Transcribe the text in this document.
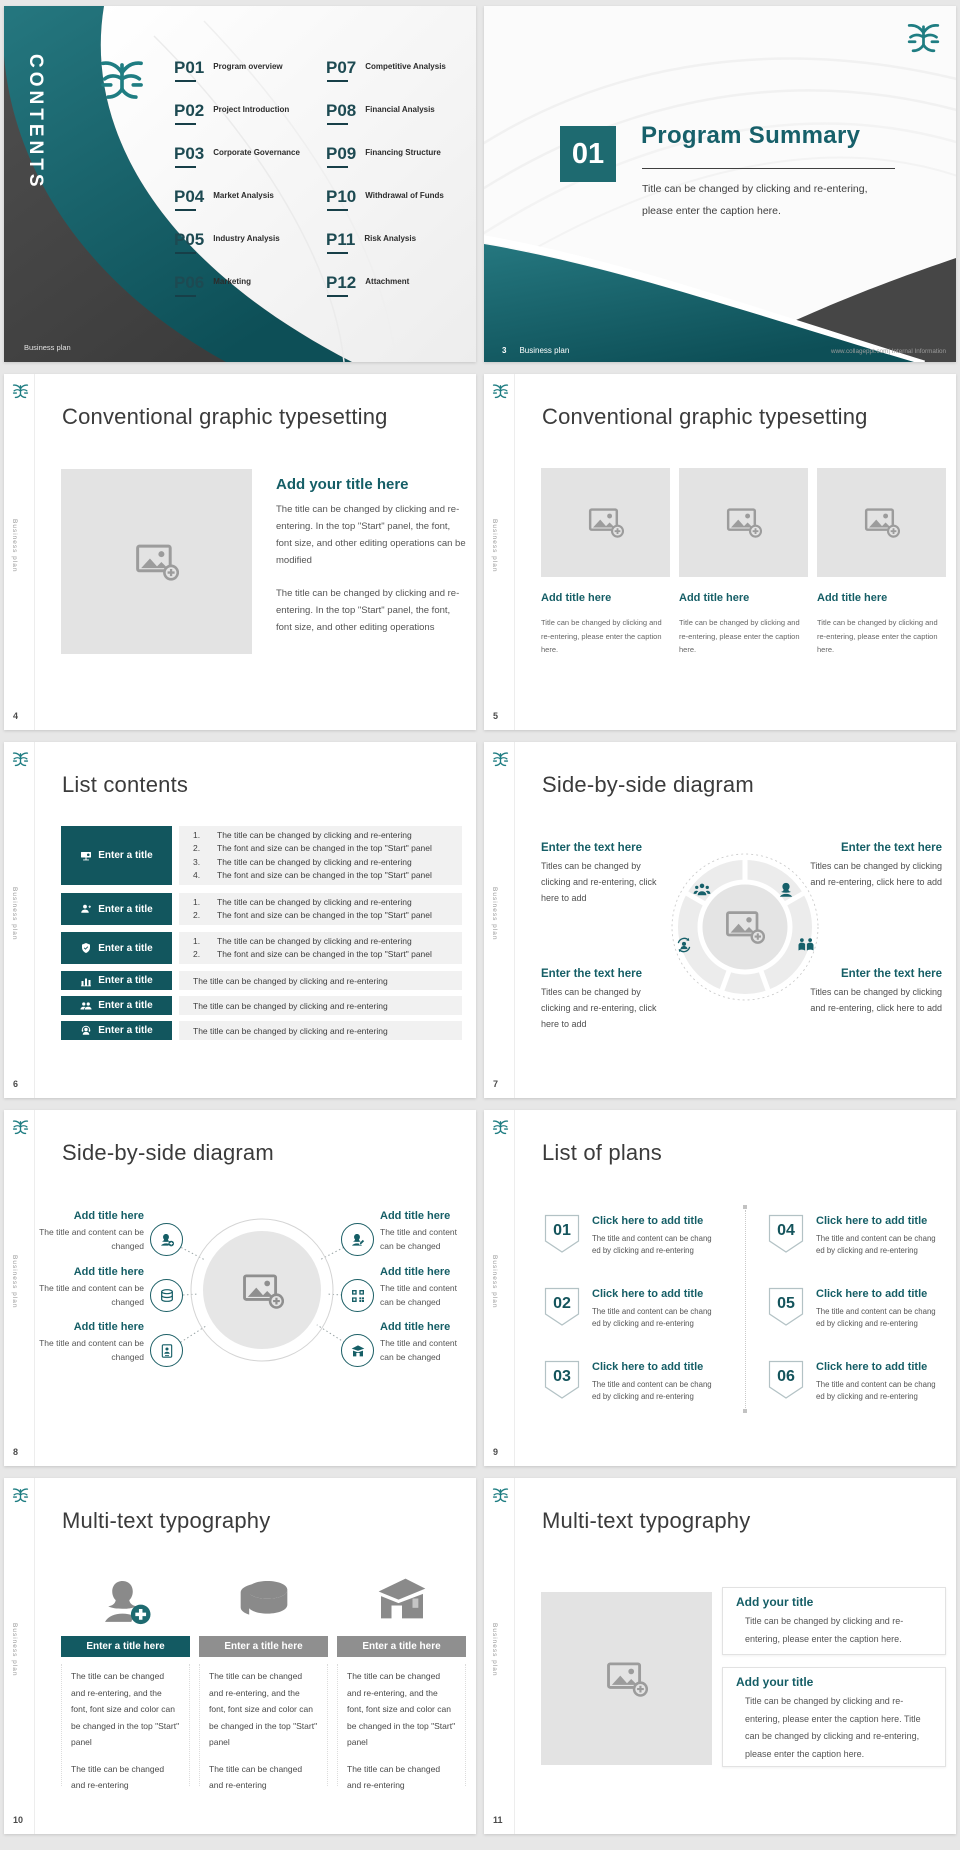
CONTENTS	P01 Program overview
P02 Project Introduction
P03 Corporate Governance
P04 Market Analysis
P05 Industry Analysis
P06 Marketing
P07 Competitive Analysis
P08 Financial Analysis
P09 Financing Structure
P10 Withdrawal of Funds
P11 Risk Analysis
P12 Attachment
Business plan
01
Program Summary
Title can be changed by clicking and re-entering,
please enter the caption here.
3 Business plan	www.collageppt.com| Internal Information
Business plan
4
Conventional graphic typesetting
Add your title here
The title can be changed by clicking and re-entering. In the top "Start" panel, the font, font size, and other editing operations can be modified
The title can be changed by clicking and re-entering. In the top "Start" panel, the font, font size, and other editing operations
Business plan
5
Conventional graphic typesetting
Add title here	Add title here	Add title here
Title can be changed by clicking and re-entering, please enter the caption here.
Title can be changed by clicking and re-entering, please enter the caption here.
Title can be changed by clicking and re-entering, please enter the caption here.
Business plan
6
List contents
Enter a title
1.	The title can be changed by clicking and re-entering
2.	The font and size can be changed in the top "Start" panel
3.	The title can be changed by clicking and re-entering
4.	The font and size can be changed in the top "Start" panel
Enter a title
1.	The title can be changed by clicking and re-entering
2.	The font and size can be changed in the top "Start" panel
Enter a title
1.	The title can be changed by clicking and re-entering
2.	The font and size can be changed in the top "Start" panel
Enter a title	The title can be changed by clicking and re-entering
Enter a title	The title can be changed by clicking and re-entering
Enter a title	The title can be changed by clicking and re-entering
Business plan
7
Side-by-side diagram
Enter the text here
Titles can be changed by clicking and re-entering, click here to add
Enter the text here
Titles can be changed by clicking and re-entering, click here to add
Enter the text here
Titles can be changed by clicking and re-entering, click here to add
Enter the text here
Titles can be changed by clicking and re-entering, click here to add
Business plan
8
Side-by-side diagram
Add title here
The title and content can be changed
Add title here
The title and content can be changed
Add title here
The title and content can be changed
Add title here
The title and content can be changed
Add title here
The title and content can be changed
Add title here
The title and content can be changed
Business plan
9
List of plans
01
Click here to add title
The title and content can be chang
ed by clicking and re-entering
02
Click here to add title
The title and content can be chang
ed by clicking and re-entering
03
Click here to add title
The title and content can be chang
ed by clicking and re-entering
04
Click here to add title
The title and content can be chang
ed by clicking and re-entering
05
Click here to add title
The title and content can be chang
ed by clicking and re-entering
06
Click here to add title
The title and content can be chang
ed by clicking and re-entering
Business plan
10
Multi-text typography
Enter a title here	Enter a title here	Enter a title here
The title can be changed and re-entering, and the font, font size and color can be changed in the top "Start" panel
The title can be changed and re-entering
The title can be changed and re-entering, and the font, font size and color can be changed in the top "Start" panel
The title can be changed and re-entering
The title can be changed and re-entering, and the font, font size and color can be changed in the top "Start" panel
The title can be changed and re-entering
Business plan
11
Multi-text typography
Add your title
Title can be changed by clicking and re-entering, please enter the caption here.
Add your title
Title can be changed by clicking and re-entering, please enter the caption here. Title can be changed by clicking and re-entering, please enter the caption here.
